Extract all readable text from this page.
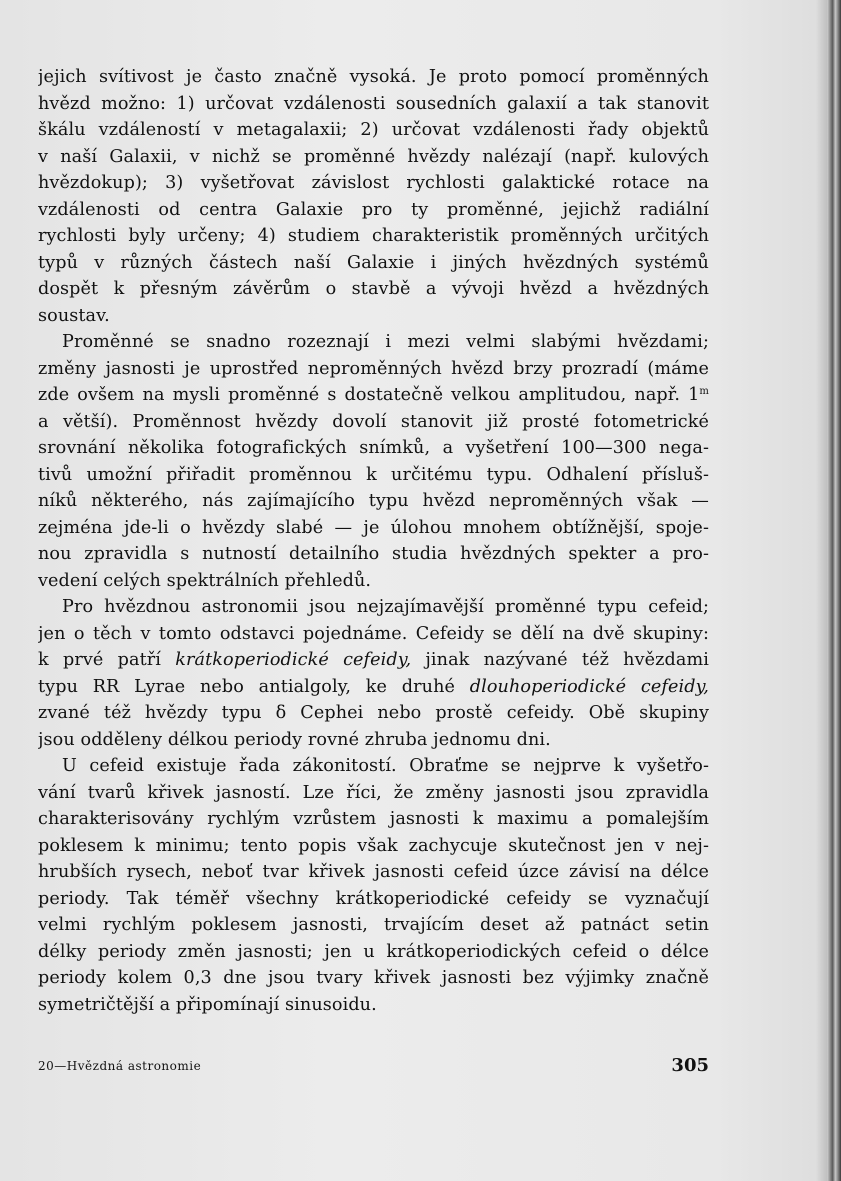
jejich svítivost je často značně vysoká. Je proto pomocí proměnných
hvězd možno: 1) určovat vzdálenosti sousedních galaxií a tak stanovit
škálu vzdáleností v metagalaxii; 2) určovat vzdálenosti řady objektů
v naší Galaxii, v nichž se proměnné hvězdy nalézají (např. kulových
hvězdokup); 3) vyšetřovat závislost rychlosti galaktické rotace na
vzdálenosti od centra Galaxie pro ty proměnné, jejichž radiální
rychlosti byly určeny; 4) studiem charakteristik proměnných určitých
typů v různých částech naší Galaxie i jiných hvězdných systémů
dospět k přesným závěrům o stavbě a vývoji hvězd a hvězdných
soustav.
Proměnné se snadno rozeznají i mezi velmi slabými hvězdami;
změny jasnosti je uprostřed neproměnných hvězd brzy prozradí (máme
zde ovšem na mysli proměnné s dostatečně velkou amplitudou, např. 1$^m$
a větší). Proměnnost hvězdy dovolí stanovit již prosté fotometrické
srovnání několika fotografických snímků, a vyšetření 100—300 nega-
tivů umožní přiřadit proměnnou k určitému typu. Odhalení přísluš-
níků některého, nás zajímajícího typu hvězd neproměnných však —
zejména jde-li o hvězdy slabé — je úlohou mnohem obtížnější, spoje-
nou zpravidla s nutností detailního studia hvězdných spekter a pro-
vedení celých spektrálních přehledů.
Pro hvězdnou astronomii jsou nejzajímavější proměnné typu cefeid;
jen o těch v tomto odstavci pojednáme. Cefeidy se dělí na dvě skupiny:
k prvé patří krátkoperiodické cefeidy, jinak nazývané též hvězdami
typu RR Lyrae nebo antialgoly, ke druhé dlouhoperiodické cefeidy,
zvané též hvězdy typu δ Cephei nebo prostě cefeidy. Obě skupiny
jsou odděleny délkou periody rovné zhruba jednomu dni.
U cefeid existuje řada zákonitostí. Obraťme se nejprve k vyšetřo-
vání tvarů křivek jasností. Lze říci, že změny jasnosti jsou zpravidla
charakterisovány rychlým vzrůstem jasnosti k maximu a pomalejším
poklesem k minimu; tento popis však zachycuje skutečnost jen v nej-
hrubších rysech, neboť tvar křivek jasnosti cefeid úzce závisí na délce
periody. Tak téměř všechny krátkoperiodické cefeidy se vyznačují
velmi rychlým poklesem jasnosti, trvajícím deset až patnáct setin
délky periody změn jasnosti; jen u krátkoperiodických cefeid o délce
periody kolem 0,3 dne jsou tvary křivek jasnosti bez výjimky značně
symetričtější a připomínají sinusoidu.
20—Hvězdná astronomie	305
